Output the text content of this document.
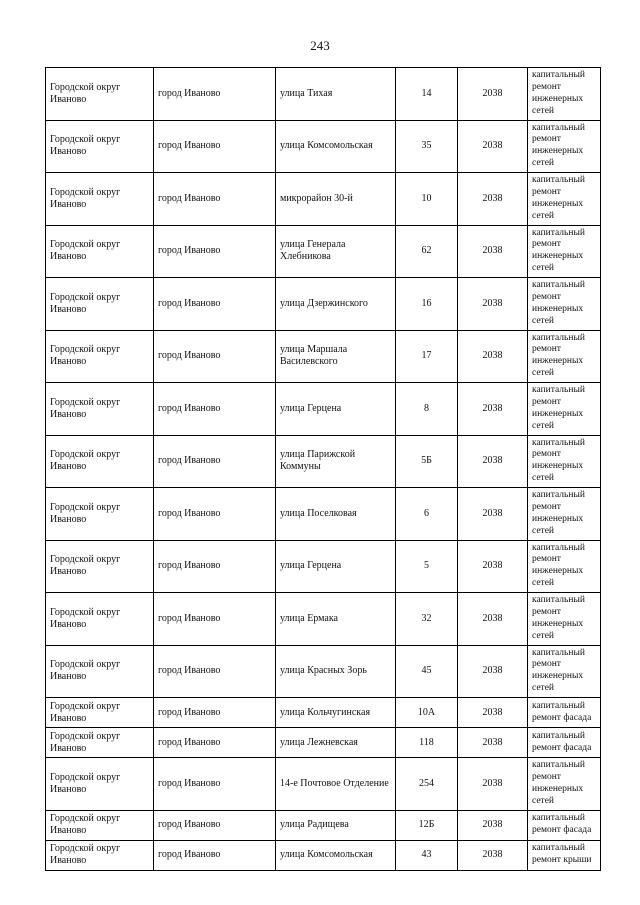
243
Городской округ Иваново	город Иваново	улица Тихая	14	2038	капитальный ремонт инженерных сетей
Городской округ Иваново	город Иваново	улица Комсомольская	35	2038	капитальный ремонт инженерных сетей
Городской округ Иваново	город Иваново	микрорайон 30-й	10	2038	капитальный ремонт инженерных сетей
Городской округ Иваново	город Иваново	улица Генерала Хлебникова	62	2038	капитальный ремонт инженерных сетей
Городской округ Иваново	город Иваново	улица Дзержинского	16	2038	капитальный ремонт инженерных сетей
Городской округ Иваново	город Иваново	улица Маршала Василевского	17	2038	капитальный ремонт инженерных сетей
Городской округ Иваново	город Иваново	улица Герцена	8	2038	капитальный ремонт инженерных сетей
Городской округ Иваново	город Иваново	улица Парижской Коммуны	5Б	2038	капитальный ремонт инженерных сетей
Городской округ Иваново	город Иваново	улица Поселковая	6	2038	капитальный ремонт инженерных сетей
Городской округ Иваново	город Иваново	улица Герцена	5	2038	капитальный ремонт инженерных сетей
Городской округ Иваново	город Иваново	улица Ермака	32	2038	капитальный ремонт инженерных сетей
Городской округ Иваново	город Иваново	улица Красных Зорь	45	2038	капитальный ремонт инженерных сетей
Городской округ Иваново	город Иваново	улица Кольчугинская	10А	2038	капитальный ремонт фасада
Городской округ Иваново	город Иваново	улица Лежневская	118	2038	капитальный ремонт фасада
Городской округ Иваново	город Иваново	14-е Почтовое Отделение	254	2038	капитальный ремонт инженерных сетей
Городской округ Иваново	город Иваново	улица Радищева	12Б	2038	капитальный ремонт фасада
Городской округ Иваново	город Иваново	улица Комсомольская	43	2038	капитальный ремонт крыши
